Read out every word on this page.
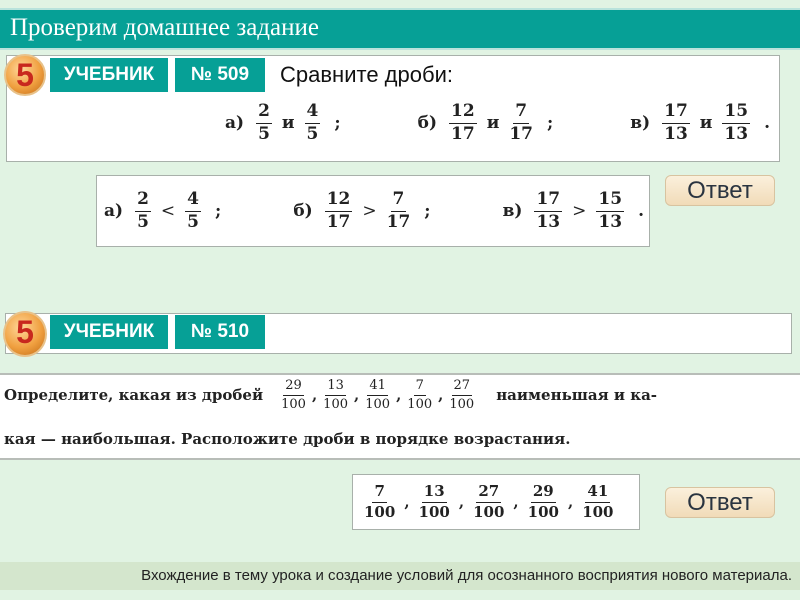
Проверим домашнее задание
5	УЧЕБНИК	№ 509	Сравните дроби:
$а) \frac{2}{5}$ и $\frac{4}{5}$ ;	$б) \frac{12}{17}$ и $\frac{7}{17}$ ;	$в) \frac{17}{13}$ и $\frac{15}{13}$ .
$а) \frac{2}{5} < \frac{4}{5}$ ;	$б) \frac{12}{17} > \frac{7}{17}$ ;	$в) \frac{17}{13} > \frac{15}{13}$ .
Ответ
5	УЧЕБНИК	№ 510
Определите, какая из дробей $\frac{29}{100}$ , $\frac{13}{100}$ , $\frac{41}{100}$ , $\frac{7}{100}$ , $\frac{27}{100}$ наименьшая и ка-
кая — наибольшая. Расположите дроби в порядке возрастания.
$\frac{7}{100}$ , $\frac{13}{100}$ , $\frac{27}{100}$ , $\frac{29}{100}$ , $\frac{41}{100}$	Ответ
Вхождение в тему урока и создание условий для осознанного восприятия нового материала.
